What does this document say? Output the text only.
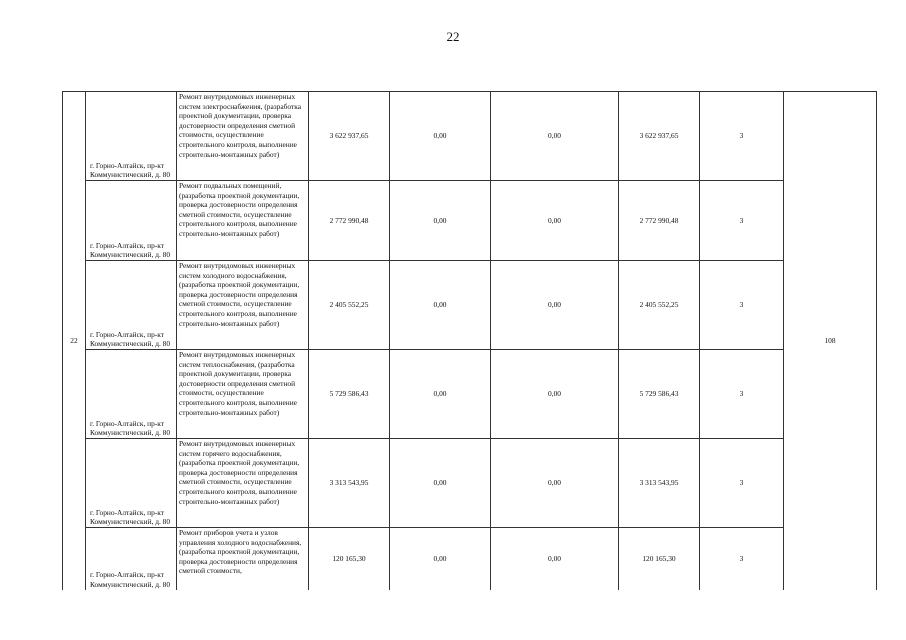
22
22	г. Горно-Алтайск, пр-кт Коммунистический, д. 80	Ремонт внутридомовых инженерных систем электроснабжения, (разработка проектной документации, проверка достоверности определения сметной стоимости, осуществление строительного контроля, выполнение строительно-монтажных работ)	3 622 937,65	0,00	0,00	3 622 937,65	3	108
	г. Горно-Алтайск, пр-кт Коммунистический, д. 80	Ремонт подвальных помещений, (разработка проектной документации, проверка достоверности определения сметной стоимости, осуществление строительного контроля, выполнение строительно-монтажных работ)	2 772 990,48	0,00	0,00	2 772 990,48	3	
	г. Горно-Алтайск, пр-кт Коммунистический, д. 80	Ремонт внутридомовых инженерных систем холодного водоснабжения, (разработка проектной документации, проверка достоверности определения сметной стоимости, осуществление строительного контроля, выполнение строительно-монтажных работ)	2 405 552,25	0,00	0,00	2 405 552,25	3	
	г. Горно-Алтайск, пр-кт Коммунистический, д. 80	Ремонт внутридомовых инженерных систем теплоснабжения, (разработка проектной документации, проверка достоверности определения сметной стоимости, осуществление строительного контроля, выполнение строительно-монтажных работ)	5 729 586,43	0,00	0,00	5 729 586,43	3	
	г. Горно-Алтайск, пр-кт Коммунистический, д. 80	Ремонт внутридомовых инженерных систем горячего водоснабжения, (разработка проектной документации, проверка достоверности определения сметной стоимости, осуществление строительного контроля, выполнение строительно-монтажных работ)	3 313 543,95	0,00	0,00	3 313 543,95	3	
	г. Горно-Алтайск, пр-кт Коммунистический, д. 80	Ремонт приборов учета и узлов управления холодного водоснабжения, (разработка проектной документации, проверка достоверности определения сметной стоимости,	120 165,30	0,00	0,00	120 165,30	3	
